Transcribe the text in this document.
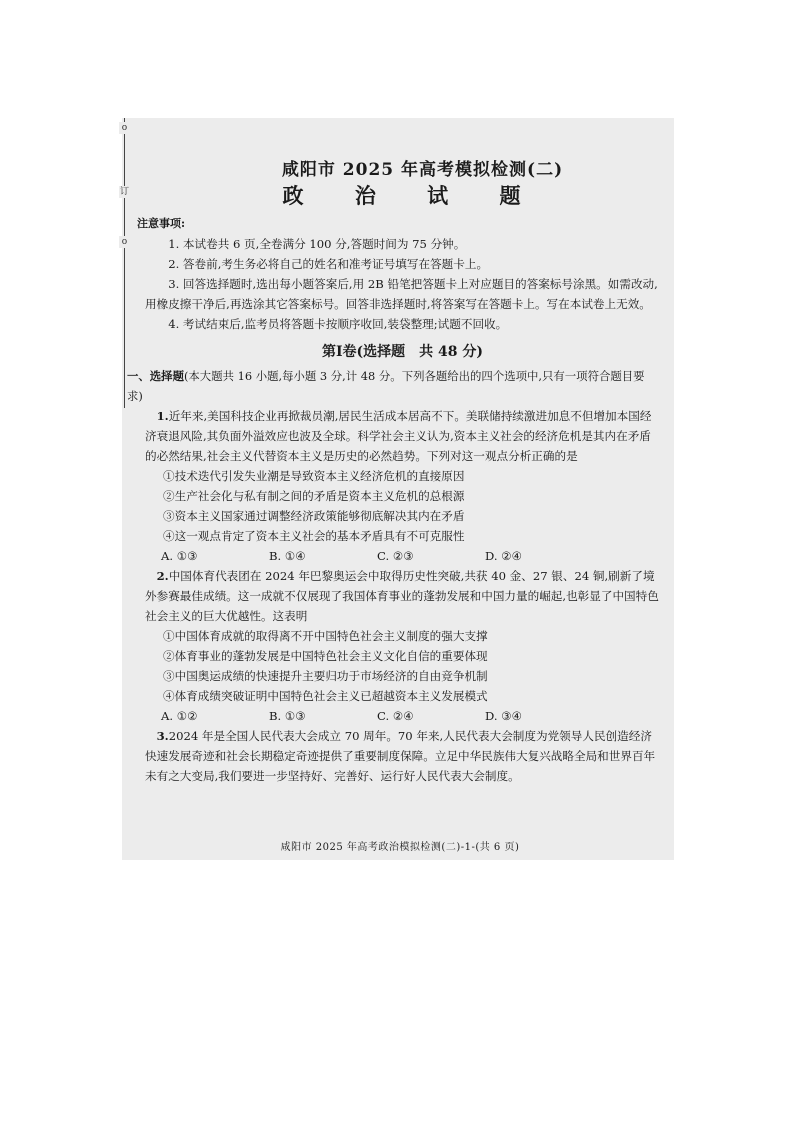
o
订
o
咸阳市 2025 年高考模拟检测(二)
政 治 试 题
注意事项:
1. 本试卷共 6 页,全卷满分 100 分,答题时间为 75 分钟。
2. 答卷前,考生务必将自己的姓名和准考证号填写在答题卡上。
3. 回答选择题时,选出每小题答案后,用 2B 铅笔把答题卡上对应题目的答案标号涂黑。如需改动,用橡皮擦干净后,再选涂其它答案标号。回答非选择题时,将答案写在答题卡上。写在本试卷上无效。
4. 考试结束后,监考员将答题卡按顺序收回,装袋整理;试题不回收。
第Ⅰ卷(选择题　共 48 分)
一、选择题(本大题共 16 小题,每小题 3 分,计 48 分。下列各题给出的四个选项中,只有一项符合题目要求)
1.近年来,美国科技企业再掀裁员潮,居民生活成本居高不下。美联储持续激进加息不但增加本国经济衰退风险,其负面外溢效应也波及全球。科学社会主义认为,资本主义社会的经济危机是其内在矛盾的必然结果,社会主义代替资本主义是历史的必然趋势。下列对这一观点分析正确的是
①技术迭代引发失业潮是导致资本主义经济危机的直接原因
②生产社会化与私有制之间的矛盾是资本主义危机的总根源
③资本主义国家通过调整经济政策能够彻底解决其内在矛盾
④这一观点肯定了资本主义社会的基本矛盾具有不可克服性
A. ①③	B. ①④	C. ②③	D. ②④
2.中国体育代表团在 2024 年巴黎奥运会中取得历史性突破,共获 40 金、27 银、24 铜,刷新了境外参赛最佳成绩。这一成就不仅展现了我国体育事业的蓬勃发展和中国力量的崛起,也彰显了中国特色社会主义的巨大优越性。这表明
①中国体育成就的取得离不开中国特色社会主义制度的强大支撑
②体育事业的蓬勃发展是中国特色社会主义文化自信的重要体现
③中国奥运成绩的快速提升主要归功于市场经济的自由竞争机制
④体育成绩突破证明中国特色社会主义已超越资本主义发展模式
A. ①②	B. ①③	C. ②④	D. ③④
3.2024 年是全国人民代表大会成立 70 周年。70 年来,人民代表大会制度为党领导人民创造经济快速发展奇迹和社会长期稳定奇迹提供了重要制度保障。立足中华民族伟大复兴战略全局和世界百年未有之大变局,我们要进一步坚持好、完善好、运行好人民代表大会制度。
咸阳市 2025 年高考政治模拟检测(二)-1-(共 6 页)
